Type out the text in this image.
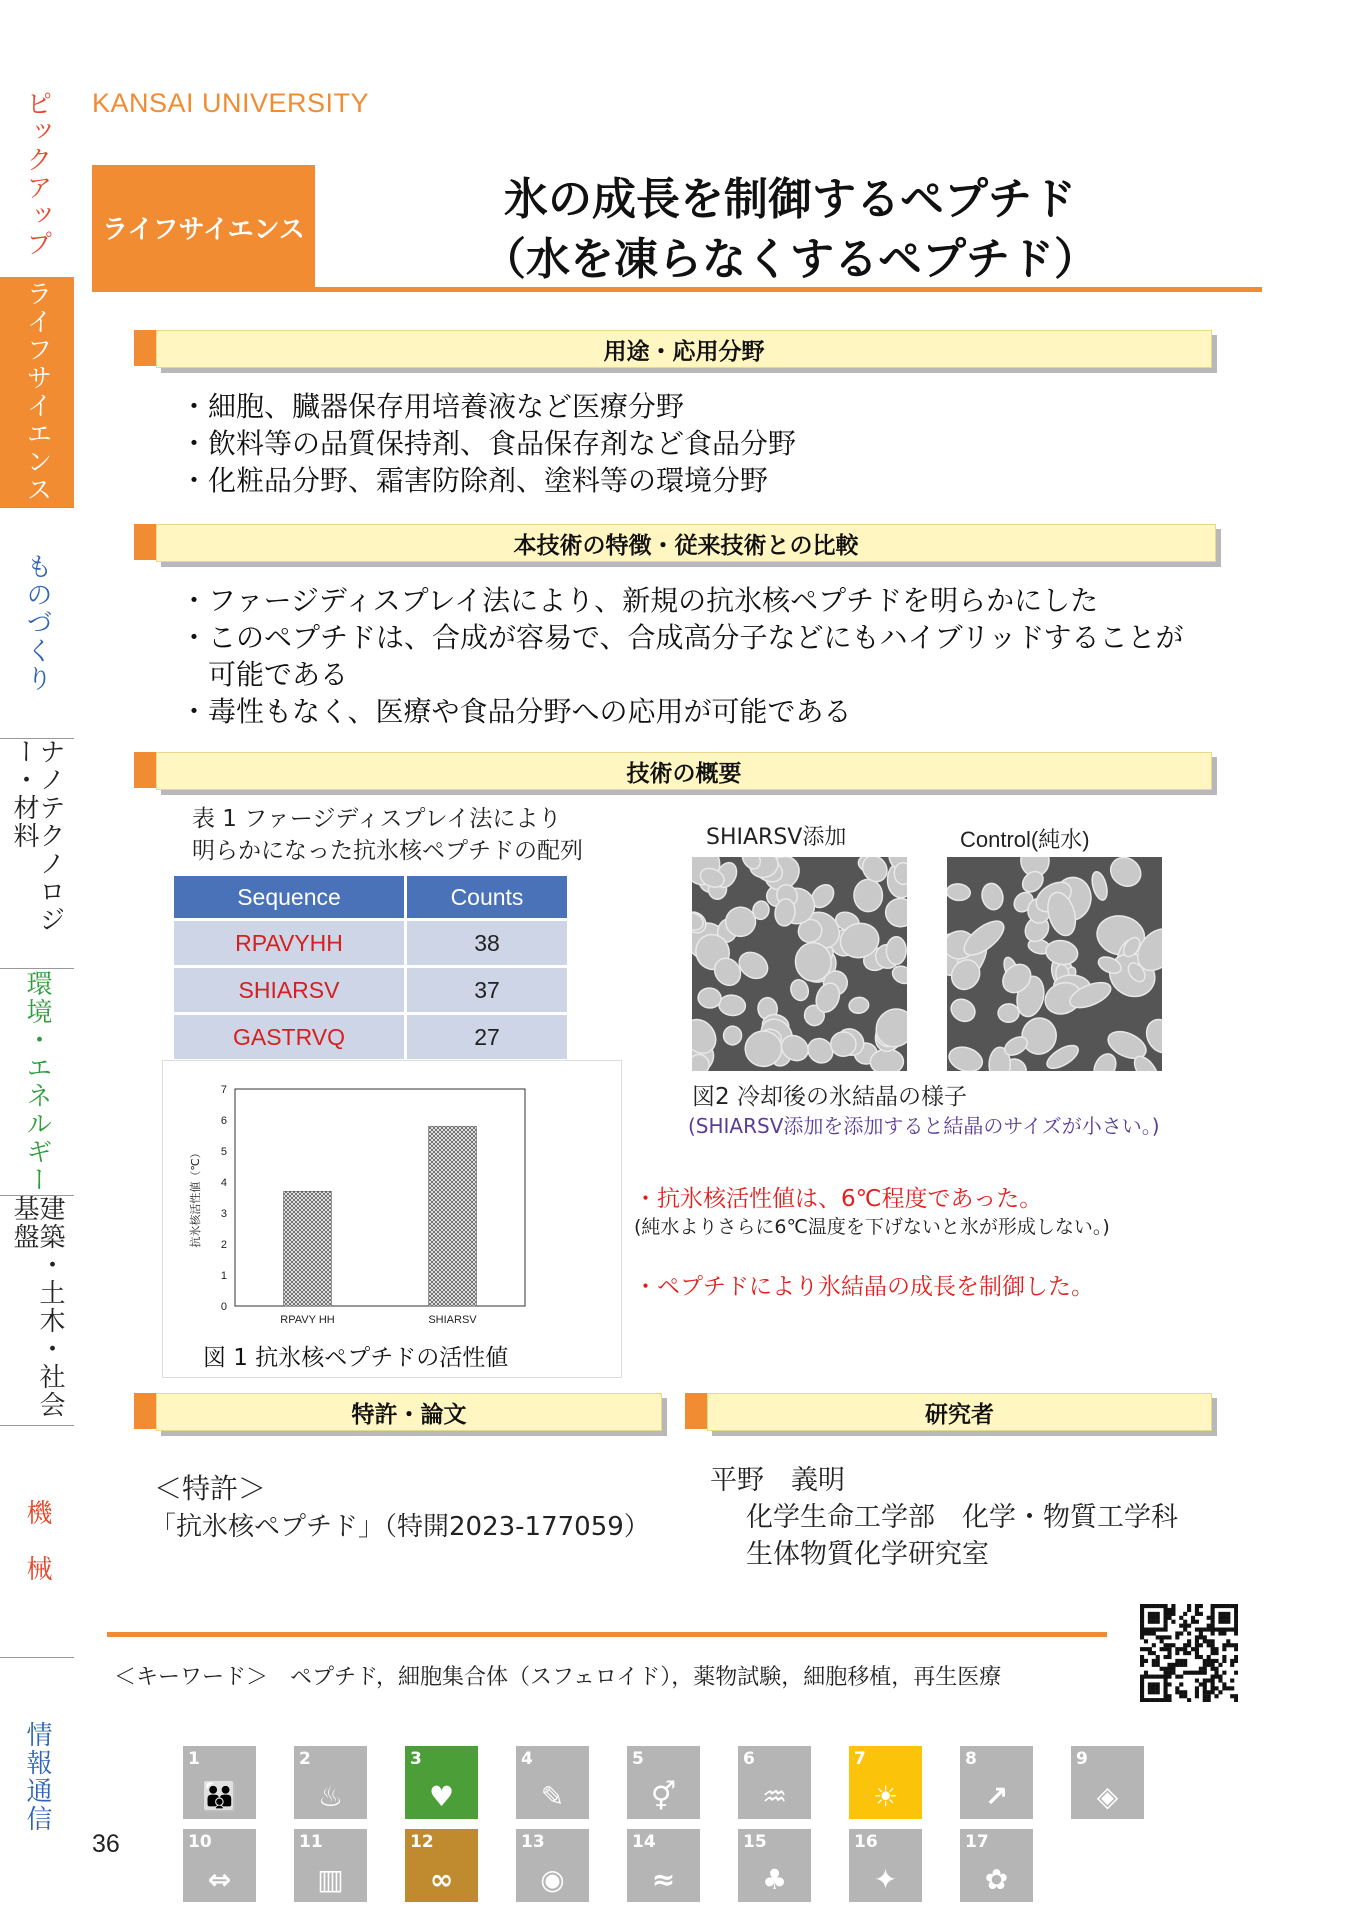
ピックアップ
ライフサイエンス
ものづくり
ナノテクノロジー・材料
環境・エネルギー
建築・土木・社会基盤
機　械
情報通信
KANSAI UNIVERSITY
ライフサイエンス
氷の成長を制御するペプチド
（水を凍らなくするペプチド）
用途・応用分野
・細胞、臓器保存用培養液など医療分野
・飲料等の品質保持剤、食品保存剤など食品分野
・化粧品分野、霜害防除剤、塗料等の環境分野
本技術の特徴・従来技術との比較
・ファージディスプレイ法により、新規の抗氷核ペプチドを明らかにした
・このペプチドは、合成が容易で、合成高分子などにもハイブリッドすることが
　可能である
・毒性もなく、医療や食品分野への応用が可能である
技術の概要
表 1 ファージディスプレイ法により
明らかになった抗氷核ペプチドの配列
Sequence	Counts
RPAVYHH	38
SHIARSV	37
GASTRVQ	27
0
1
2
3
4
5
6
7
抗氷核活性値（℃）
RPAVY HH	SHIARSV
図 1 抗氷核ペプチドの活性値
SHIARSV添加	Control(純水)
図2 冷却後の氷結晶の様子
(SHIARSV添加を添加すると結晶のサイズが小さい。)
・抗氷核活性値は、6℃程度であった。
(純水よりさらに6℃温度を下げないと氷が形成しない。)
・ペプチドにより氷結晶の成長を制御した。
特許・論文
＜特許＞
「抗氷核ペプチド」（特開2023-177059）
研究者
平野　義明
化学生命工学部　化学・物質工学科
生体物質化学研究室
＜キーワード＞　ペプチド，細胞集合体（スフェロイド），薬物試験，細胞移植，再生医療
1
👪
2
♨
3
♥
4
✎
5
⚥
6
♒
7
☀
8
↗
9
◈
10
⇔
11
▥
12
∞
13
◉
14
≈
15
♣
16
✦
17
✿
36
